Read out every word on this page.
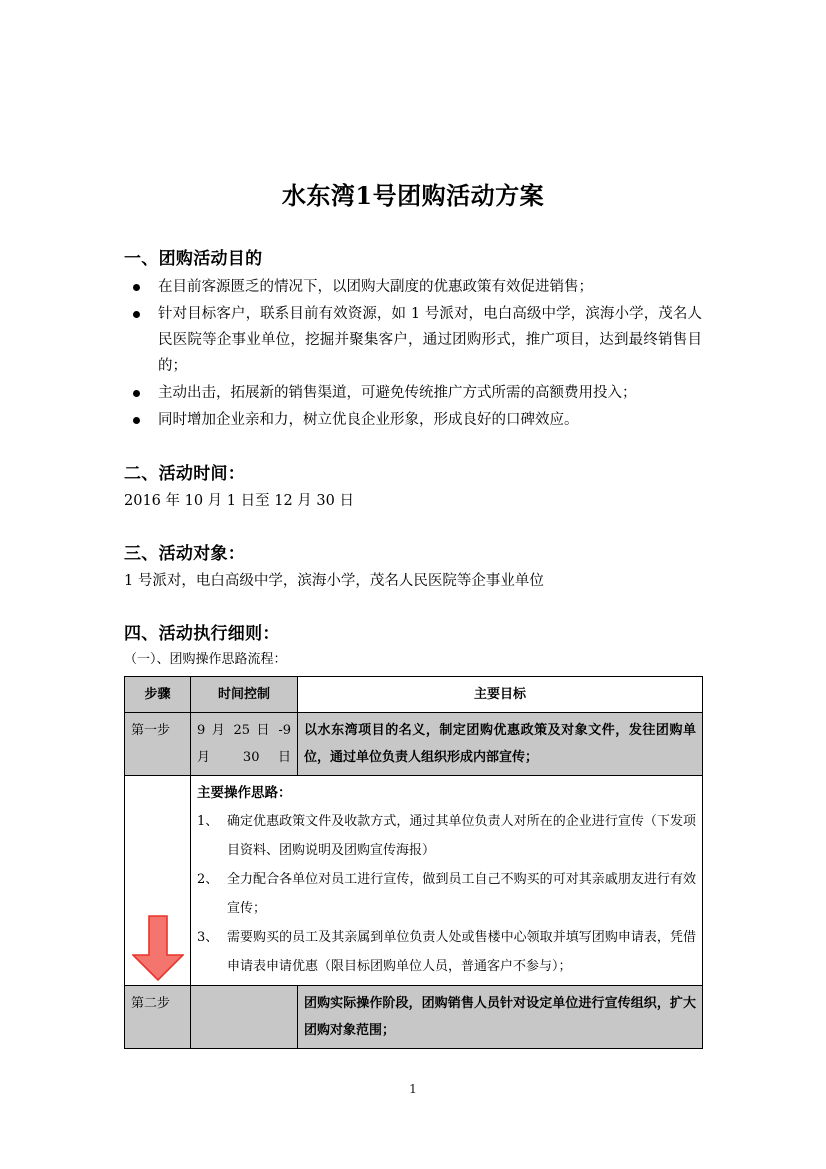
水东湾1号团购活动方案
一、团购活动目的
在目前客源匮乏的情况下，以团购大副度的优惠政策有效促进销售；
针对目标客户，联系目前有效资源，如 1 号派对，电白高级中学，滨海小学，茂名人民医院等企事业单位，挖掘并聚集客户，通过团购形式，推广项目，达到最终销售目的；
主动出击，拓展新的销售渠道，可避免传统推广方式所需的高额费用投入；
同时增加企业亲和力，树立优良企业形象，形成良好的口碑效应。
二、活动时间：

2016 年 10 月 1 日至 12 月 30 日

三、活动对象：

1 号派对，电白高级中学，滨海小学，茂名人民医院等企事业单位

四、活动执行细则：

（一）、团购操作思路流程：

步骤	时间控制	主要目标
第一步	9 月 25 日 -9 月 30 日	以水东湾项目的名义，制定团购优惠政策及对象文件，发往团购单位，通过单位负责人组织形成内部宣传；

主要操作思路：

1、 确定优惠政策文件及收款方式，通过其单位负责人对所在的企业进行宣传（下发项目资料、团购说明及团购宣传海报）
2、 全力配合各单位对员工进行宣传，做到员工自己不购买的可对其亲戚朋友进行有效宣传；
3、 需要购买的员工及其亲属到单位负责人处或售楼中心领取并填写团购申请表，凭借申请表申请优惠（限目标团购单位人员，普通客户不参与）；

第二步		团购实际操作阶段，团购销售人员针对设定单位进行宣传组织，扩大团购对象范围；
1
